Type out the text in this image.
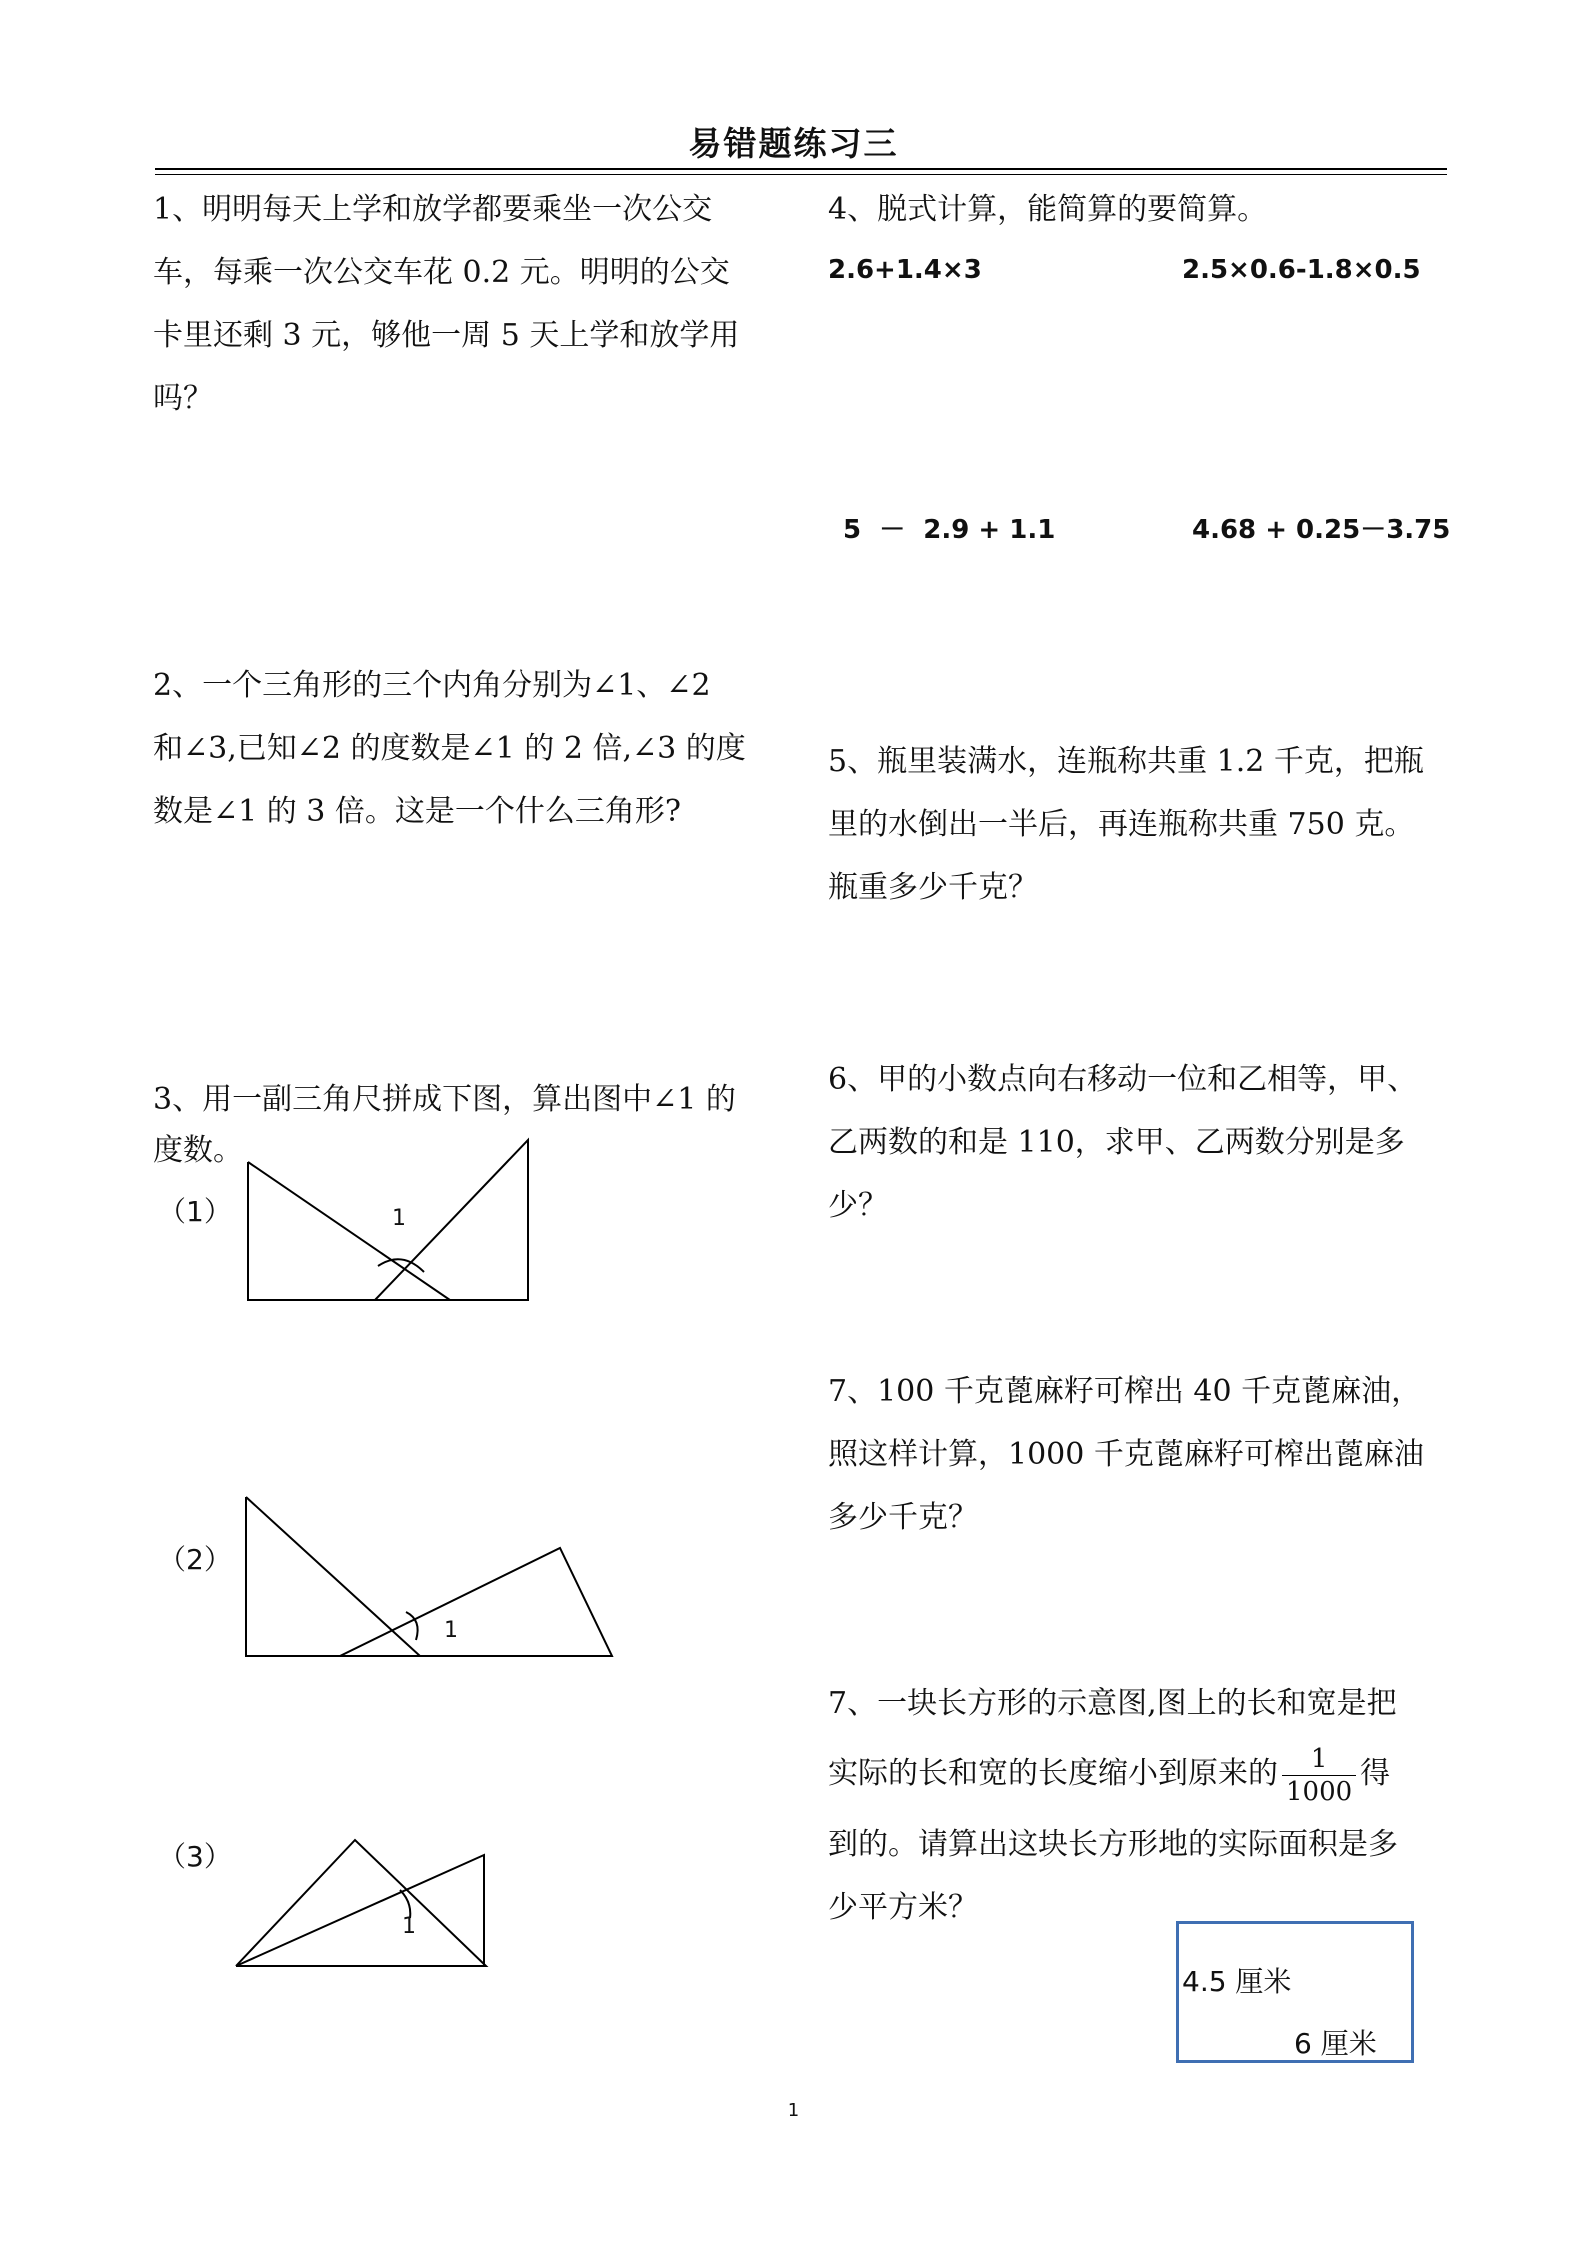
易错题练习三
1、明明每天上学和放学都要乘坐一次公交
车，每乘一次公交车花 0.2 元。明明的公交
卡里还剩 3 元，够他一周 5 天上学和放学用
吗？
2、一个三角形的三个内角分别为∠1、∠2
和∠3,已知∠2 的度数是∠1 的 2 倍,∠3 的度
数是∠1 的 3 倍。这是一个什么三角形?
3、用一副三角尺拼成下图，算出图中∠1 的
度数。
（1）	1
（2）
1
（3）
1
4、脱式计算，能简算的要简算。
2.6+1.4×3	2.5×0.6-1.8×0.5
5  －  2.9 + 1.1	4.68 + 0.25－3.75
5、瓶里装满水，连瓶称共重 1.2 千克，把瓶
里的水倒出一半后，再连瓶称共重 750 克。
瓶重多少千克？
6、甲的小数点向右移动一位和乙相等，甲、
乙两数的和是 110，求甲、乙两数分别是多
少？
7、100 千克蓖麻籽可榨出 40 千克蓖麻油，
照这样计算，1000 千克蓖麻籽可榨出蓖麻油
多少千克？
7、一块长方形的示意图,图上的长和宽是把
实际的长和宽的长度缩小到原来的 $\frac{1}{1000}$ 得
到的。请算出这块长方形地的实际面积是多
少平方米？
4.5 厘米
6 厘米
1
